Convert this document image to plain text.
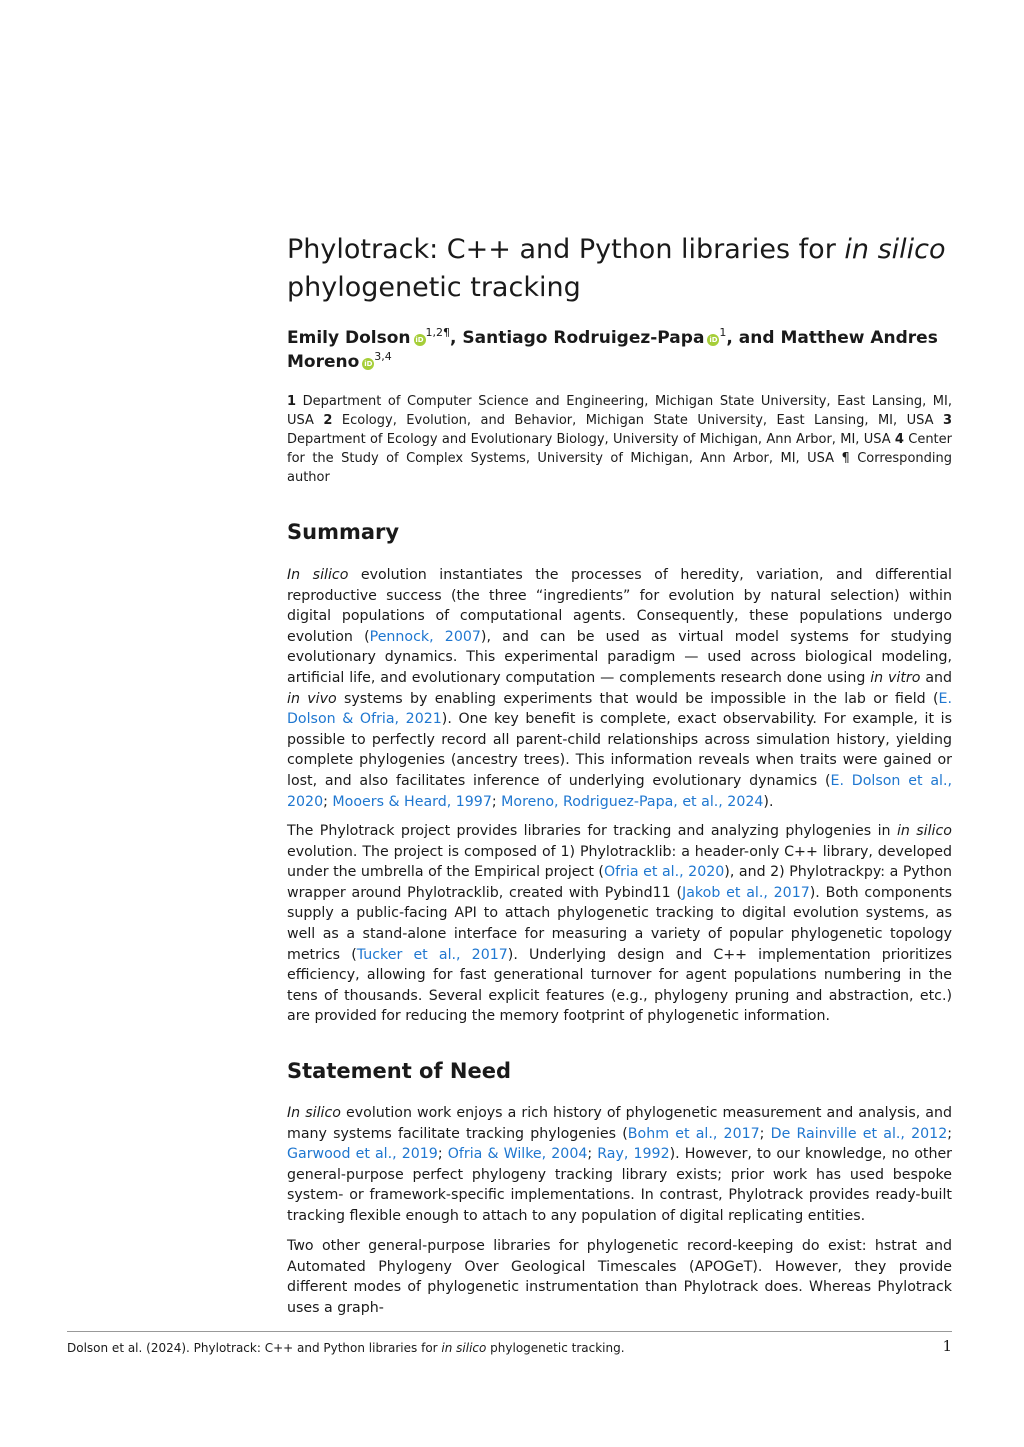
Phylotrack: C++ and Python libraries for in silico
phylogenetic tracking

Emily Dolson $iD^{1,2\P}$, Santiago Rodruigez-Papa $iD^1$, and Matthew Andres Moreno iD$^{3,4}$

1 Department of Computer Science and Engineering, Michigan State University, East Lansing, MI, USA 2 Ecology, Evolution, and Behavior, Michigan State University, East Lansing, MI, USA 3 Department of Ecology and Evolutionary Biology, University of Michigan, Ann Arbor, MI, USA 4 Center for the Study of Complex Systems, University of Michigan, Ann Arbor, MI, USA ¶ Corresponding author

Summary

In silico evolution instantiates the processes of heredity, variation, and differential reproductive success (the three “ingredients” for evolution by natural selection) within digital populations of computational agents. Consequently, these populations undergo evolution (Pennock, 2007), and can be used as virtual model systems for studying evolutionary dynamics. This experimental paradigm — used across biological modeling, artificial life, and evolutionary computation — complements research done using in vitro and in vivo systems by enabling experiments that would be impossible in the lab or field (E. Dolson & Ofria, 2021). One key benefit is complete, exact observability. For example, it is possible to perfectly record all parent-child relationships across simulation history, yielding complete phylogenies (ancestry trees). This information reveals when traits were gained or lost, and also facilitates inference of underlying evolutionary dynamics (E. Dolson et al., 2020; Mooers & Heard, 1997; Moreno, Rodriguez-Papa, et al., 2024).

The Phylotrack project provides libraries for tracking and analyzing phylogenies in in silico evolution. The project is composed of 1) Phylotracklib: a header-only C++ library, developed under the umbrella of the Empirical project (Ofria et al., 2020), and 2) Phylotrackpy: a Python wrapper around Phylotracklib, created with Pybind11 (Jakob et al., 2017). Both components supply a public-facing API to attach phylogenetic tracking to digital evolution systems, as well as a stand-alone interface for measuring a variety of popular phylogenetic topology metrics (Tucker et al., 2017). Underlying design and C++ implementation prioritizes efficiency, allowing for fast generational turnover for agent populations numbering in the tens of thousands. Several explicit features (e.g., phylogeny pruning and abstraction, etc.) are provided for reducing the memory footprint of phylogenetic information.

Statement of Need

In silico evolution work enjoys a rich history of phylogenetic measurement and analysis, and many systems facilitate tracking phylogenies (Bohm et al., 2017; De Rainville et al., 2012; Garwood et al., 2019; Ofria & Wilke, 2004; Ray, 1992). However, to our knowledge, no other general-purpose perfect phylogeny tracking library exists; prior work has used bespoke system- or framework-specific implementations. In contrast, Phylotrack provides ready-built tracking flexible enough to attach to any population of digital replicating entities.

Two other general-purpose libraries for phylogenetic record-keeping do exist: hstrat and Automated Phylogeny Over Geological Timescales (APOGeT). However, they provide different modes of phylogenetic instrumentation than Phylotrack does. Whereas Phylotrack uses a graph-

Dolson et al. (2024). Phylotrack: C++ and Python libraries for in silico phylogenetic tracking.	1
